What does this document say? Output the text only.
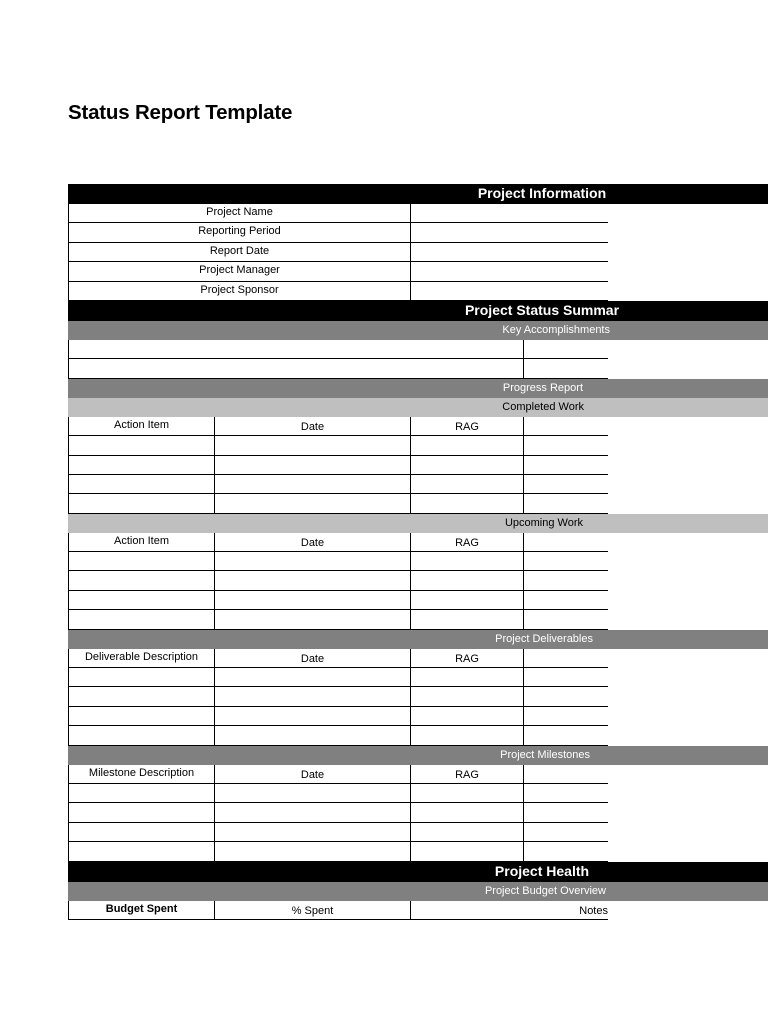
Status Report Template
Project Information
Project Name
Reporting Period
Report Date
Project Manager
Project Sponsor
Project Status Summar
Key Accomplishments
Progress Report
Completed Work
Action Item	Date	RAG
Upcoming Work
Action Item	Date	RAG
Project Deliverables
Deliverable Description	Date	RAG
Project Milestones
Milestone Description	Date	RAG
Project Health
Project Budget Overview
Budget Spent	% Spent	Notes
